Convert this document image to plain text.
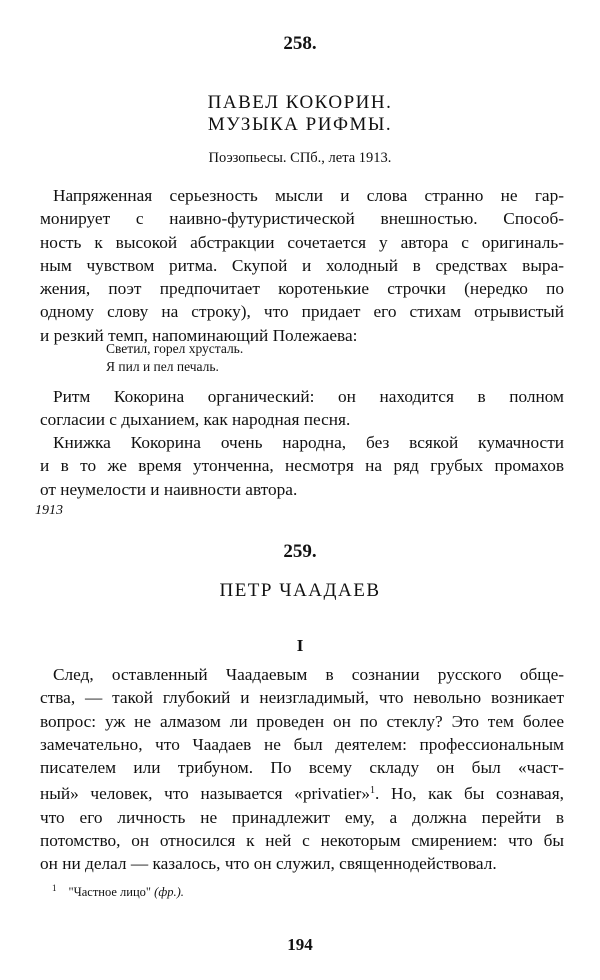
258.
ПАВЕЛ КОКОРИН.
МУЗЫКА РИФМЫ.
Поэзопьесы. СПб., лета 1913.
Напряженная серьезность мысли и слова странно не гар-
монирует с наивно-футуристической внешностью. Способ-
ность к высокой абстракции сочетается у автора с оригиналь-
ным чувством ритма. Скупой и холодный в средствах выра-
жения, поэт предпочитает коротенькие строчки (нередко по
одному слову на строку), что придает его стихам отрывистый
и резкий темп, напоминающий Полежаева:
Светил, горел хрусталь.
Я пил и пел печаль.
Ритм Кокорина органический: он находится в полном
согласии с дыханием, как народная песня.
Книжка Кокорина очень народна, без всякой кумачности
и в то же время утонченна, несмотря на ряд грубых промахов
от неумелости и наивности автора.
1913
259.
ПЕТР ЧААДАЕВ
I
След, оставленный Чаадаевым в сознании русского обще-
ства, — такой глубокий и неизгладимый, что невольно возникает
вопрос: уж не алмазом ли проведен он по стеклу? Это тем более
замечательно, что Чаадаев не был деятелем: профессиональным
писателем или трибуном. По всему складу он был «част-
ный» человек, что называется «privatier»$^1$. Но, как бы сознавая,
что его личность не принадлежит ему, а должна перейти в
потомство, он относился к ней с некоторым смирением: что бы
он ни делал — казалось, что он служил, священнодействовал.
$^1$ "Частное лицо" (фр.).
194
